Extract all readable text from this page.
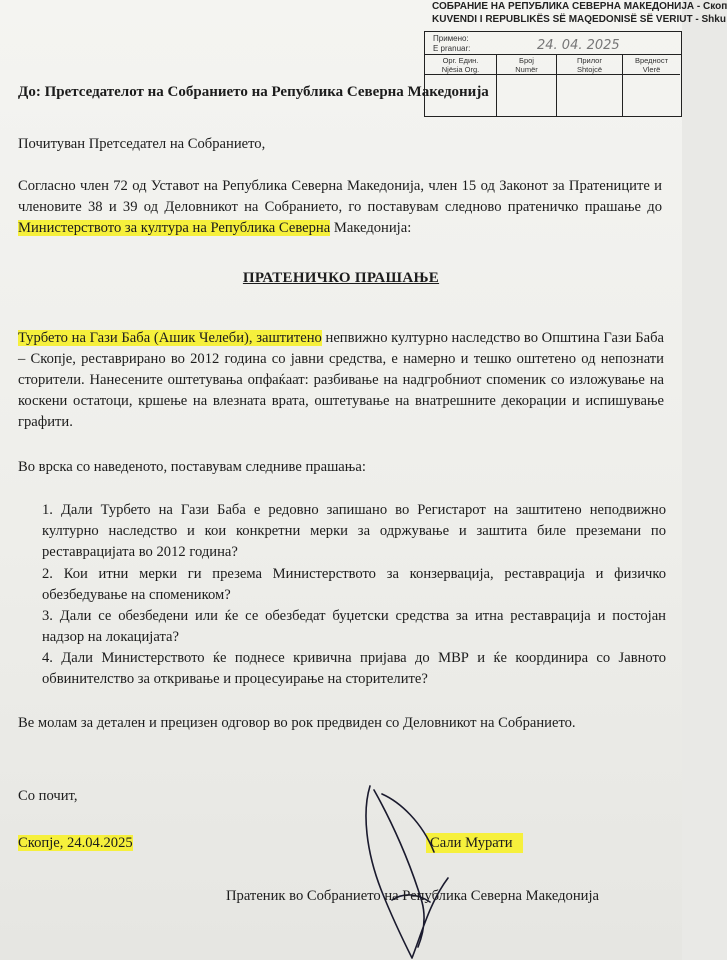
СОБРАНИЕ НА РЕПУБЛИКА СЕВЕРНА МАКЕДОНИЈА - Скоп
KUVENDI I REPUBLIKËS SË MAQEDONISË SË VERIUT - Shku
Примено:
E pranuar:	24. 04. 2025
Орг. Един.
Njësia Org.
Број
Numër
Прилог
Shtojcë
Вредност
Vlerë
До: Претседателот на Собранието на Република Северна Македонија
Почитуван Претседател на Собранието,
Согласно член 72 од Уставот на Република Северна Македонија, член 15 од Законот за Пратениците и членовите 38 и 39 од Деловникот на Собранието, го поставувам следново пратеничко прашање до Министерството за култура на Република Северна Македонија:
ПРАТЕНИЧКО ПРАШАЊЕ
Турбето на Гази Баба (Ашик Челеби), заштитено непвижно културно наследство во Општина Гази Баба – Скопје, реставрирано во 2012 година со јавни средства, е намерно и тешко оштетено од непознати сторители. Нанесените оштетувања опфаќаат: разбивање на надгробниот споменик со изложување на коскени остатоци, кршење на влезната врата, оштетување на внатрешните декорации и испишување графити.
Во врска со наведеното, поставувам следниве прашања:
1. Дали Турбето на Гази Баба е редовно запишано во Регистарот на заштитено неподвижно културно наследство и кои конкретни мерки за одржување и заштита биле преземани по реставрацијата во 2012 година?
2. Кои итни мерки ги презема Министерството за конзервација, реставрација и физичко обезбедување на спомеником?
3. Дали се обезбедени или ќе се обезбедат буџетски средства за итна реставрација и постојан надзор на локацијата?
4. Дали Министерството ќе поднесе кривична пријава до МВР и ќе координира со Јавното обвинителство за откривање и процесуирање на сторителите?
Ве молам за детален и прецизен одговор во рок предвиден со Деловникот на Собранието.
Со почит,
Скопје, 24.04.2025	Сали Мурати
Пратеник во Собранието на Република Северна Македонија
